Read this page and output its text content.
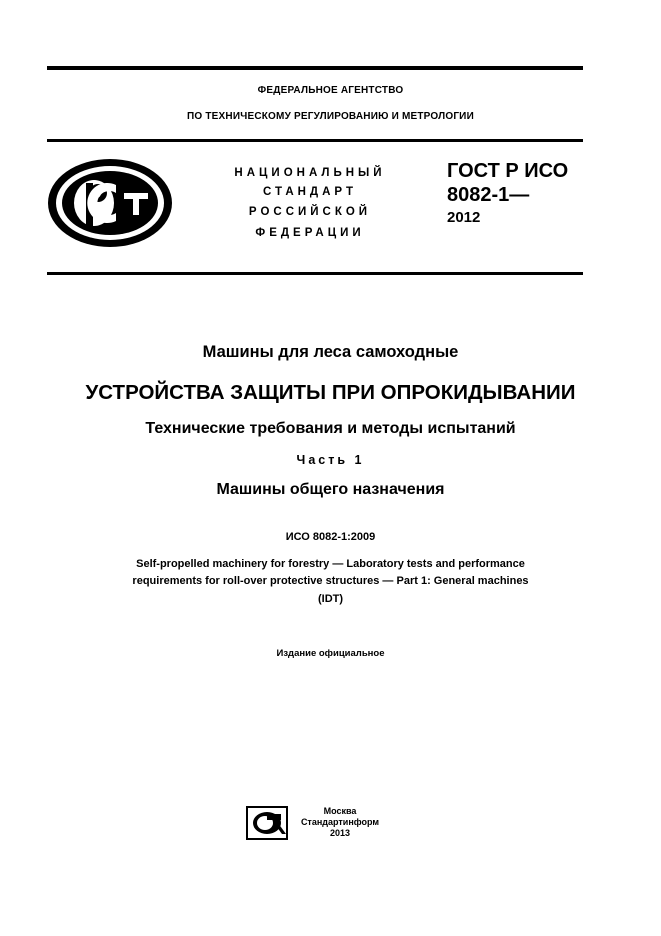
ФЕДЕРАЛЬНОЕ АГЕНТСТВО
ПО ТЕХНИЧЕСКОМУ РЕГУЛИРОВАНИЮ И МЕТРОЛОГИИ
НАЦИОНАЛЬНЫЙ
СТАНДАРТ
РОССИЙСКОЙ
ФЕДЕРАЦИИ
ГОСТ Р ИСО
8082-1—
2012
Машины для леса самоходные
УСТРОЙСТВА ЗАЩИТЫ ПРИ ОПРОКИДЫВАНИИ
Технические требования и методы испытаний
Часть 1
Машины общего назначения
ИСО 8082-1:2009
Self-propelled machinery for forestry — Laboratory tests and performance
requirements for roll-over protective structures — Part 1: General machines
(IDT)
Издание официальное
Москва
Стандартинформ
2013
